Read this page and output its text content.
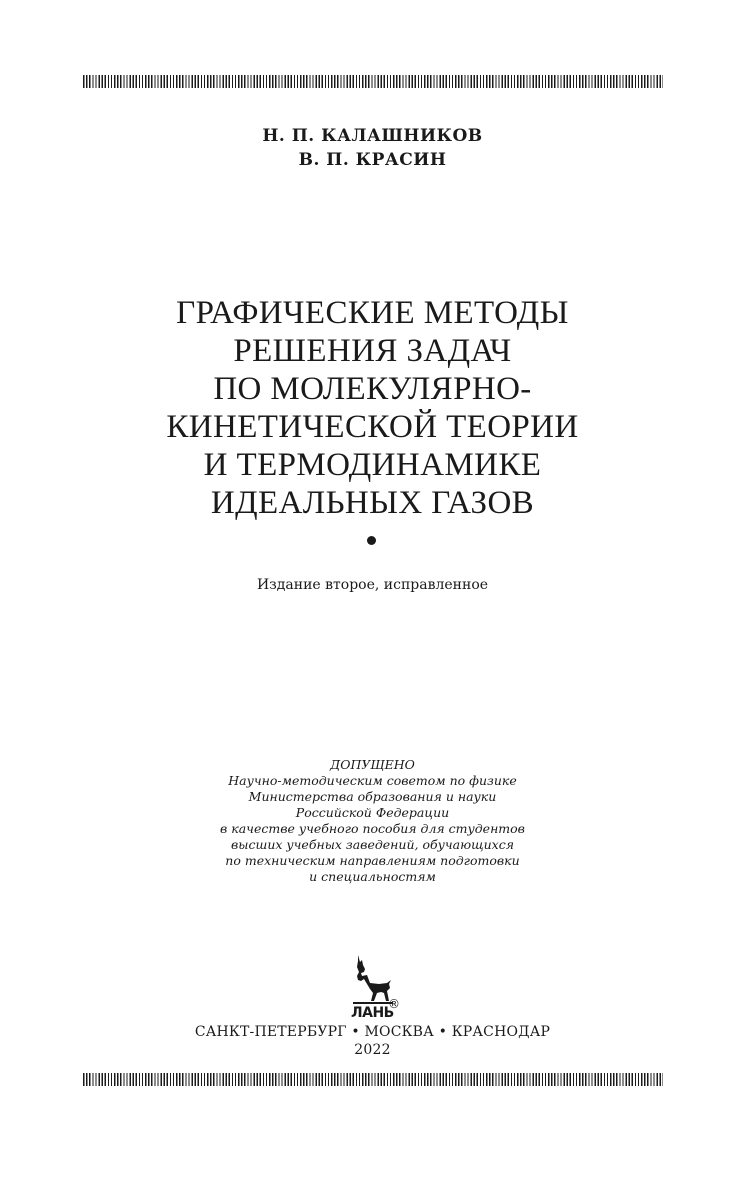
Н. П. КАЛАШНИКОВ
В. П. КРАСИН
ГРАФИЧЕСКИЕ МЕТОДЫ
РЕШЕНИЯ ЗАДАЧ
ПО МОЛЕКУЛЯРНО-
КИНЕТИЧЕСКОЙ ТЕОРИИ
И ТЕРМОДИНАМИКЕ
ИДЕАЛЬНЫХ ГАЗОВ
Издание второе, исправленное
ДОПУЩЕНО
Научно-методическим советом по физике
Министерства образования и науки
Российской Федерации
в качестве учебного пособия для студентов
высших учебных заведений, обучающихся
по техническим направлениям подготовки
и специальностям
ЛАНЬ
®
САНКТ-ПЕТЕРБУРГ • МОСКВА • КРАСНОДАР
2022
